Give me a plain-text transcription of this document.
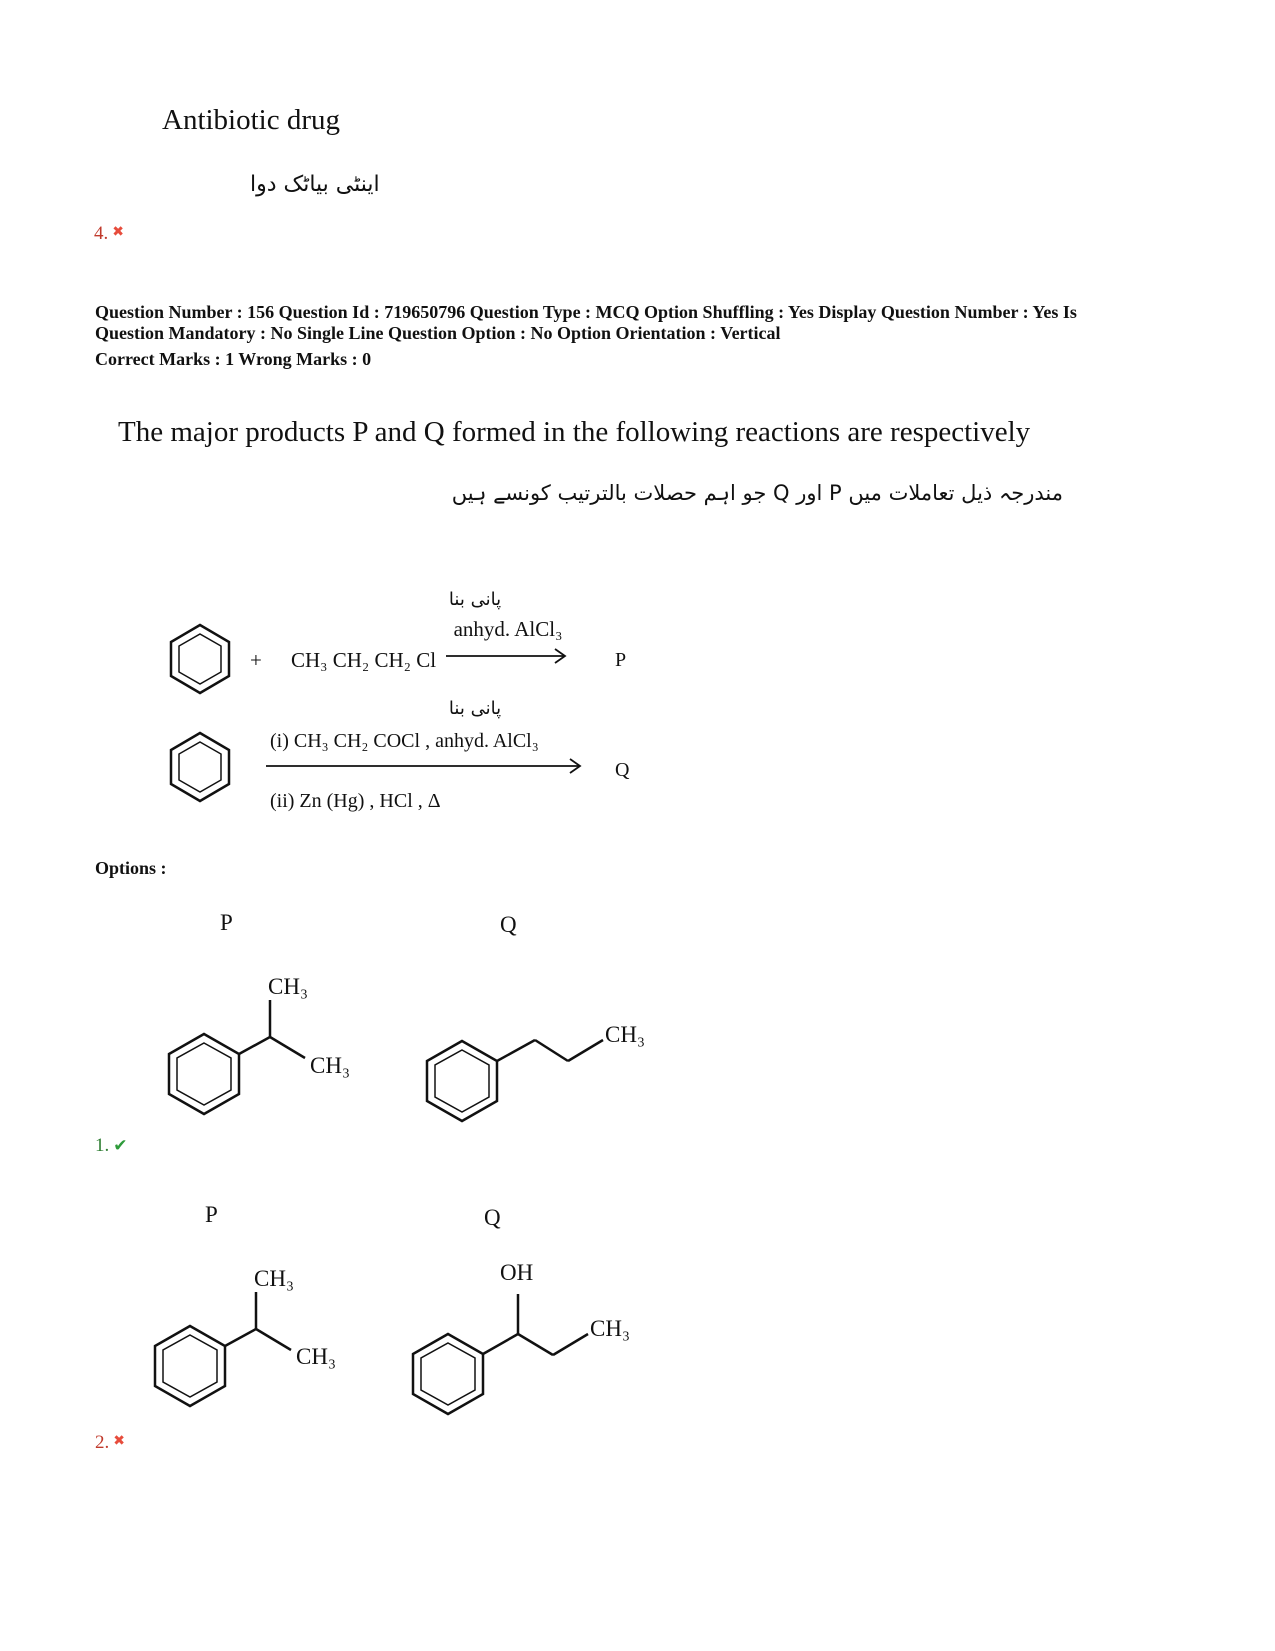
Antibiotic drug
اینٹی بیاٹک دوا
4. ✖
Question Number : 156 Question Id : 719650796 Question Type : MCQ Option Shuffling : Yes Display Question Number : Yes Is
Question Mandatory : No Single Line Question Option : No Option Orientation : Vertical
Correct Marks : 1 Wrong Marks : 0
The major products P and Q formed in the following reactions are respectively
مندرجہ ذیل تعاملات میں P اور Q جو اہم حصلات بالترتیب کونسے ہیں
+ CH₃ CH₂ CH₂ Cl
پانی بنا
anhyd. AlCl₃
P
پانی بنا
(i) CH₃ CH₂ COCl , anhyd. AlCl₃
(ii) Zn (Hg) , HCl , Δ
Q
P	Q
CH₃
CH₃
CH₃
P	Q
CH₃
CH₃
OH
CH₃
Options :
1. ✔
2. ✖
